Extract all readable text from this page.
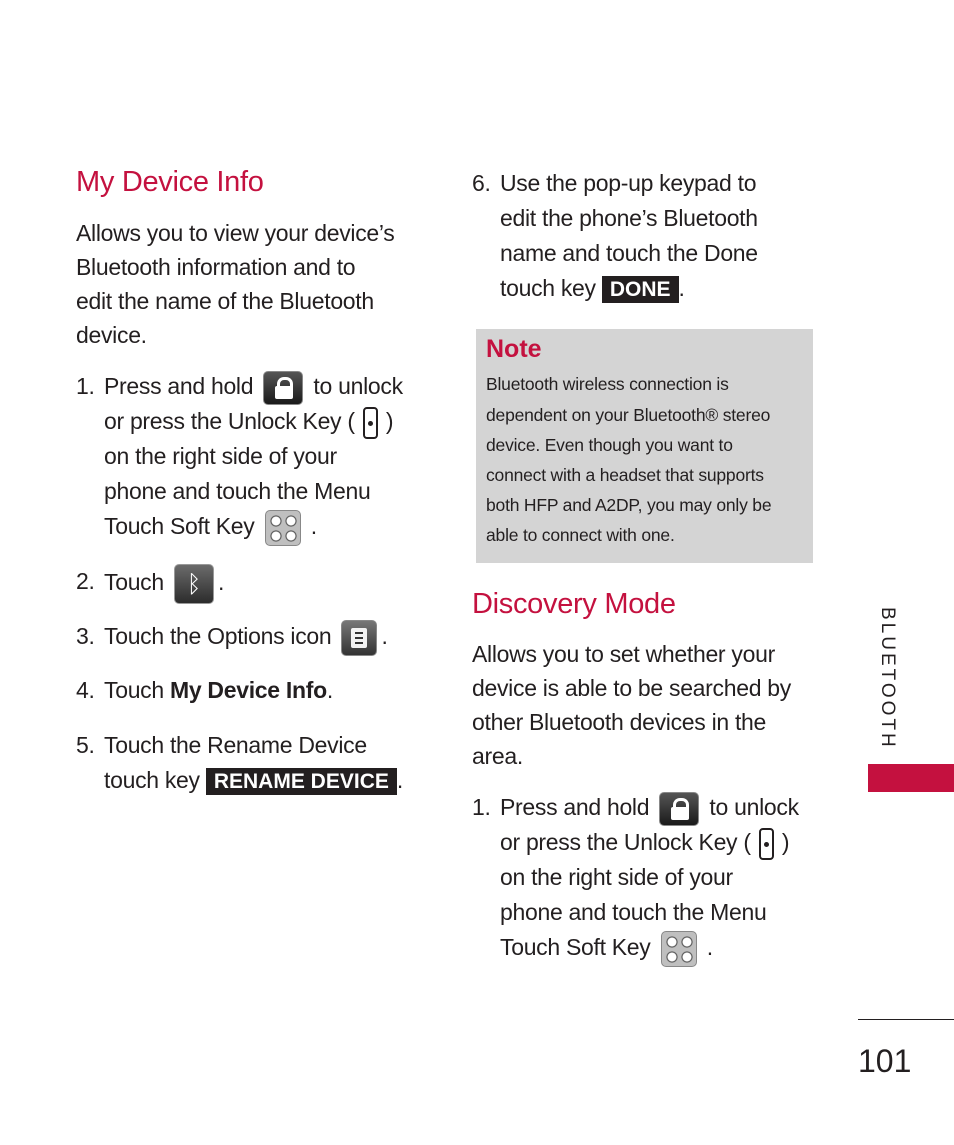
My Device Info

Allows you to view your device’s
Bluetooth information and to
edit the name of the Bluetooth
device.

1. Press and hold	to unlock
or press the Unlock Key ( )
on the right side of your
phone and touch the Menu
Touch Soft Key .
2. Touch ᛒ .
3. Touch the Options icon .
4. Touch My Device Info.
5. Touch the Rename Device
touch key RENAME DEVICE .
6. Use the pop-up keypad to
edit the phone’s Bluetooth
name and touch the Done
touch key DONE .
Note
Bluetooth wireless connection is
dependent on your Bluetooth® stereo
device. Even though you want to
connect with a headset that supports
both HFP and A2DP, you may only be
able to connect with one.
Discovery Mode

Allows you to set whether your
device is able to be searched by
other Bluetooth devices in the
area.

1. Press and hold	to unlock
or press the Unlock Key ( )
on the right side of your
phone and touch the Menu
Touch Soft Key .
BLUETOOTH
101
